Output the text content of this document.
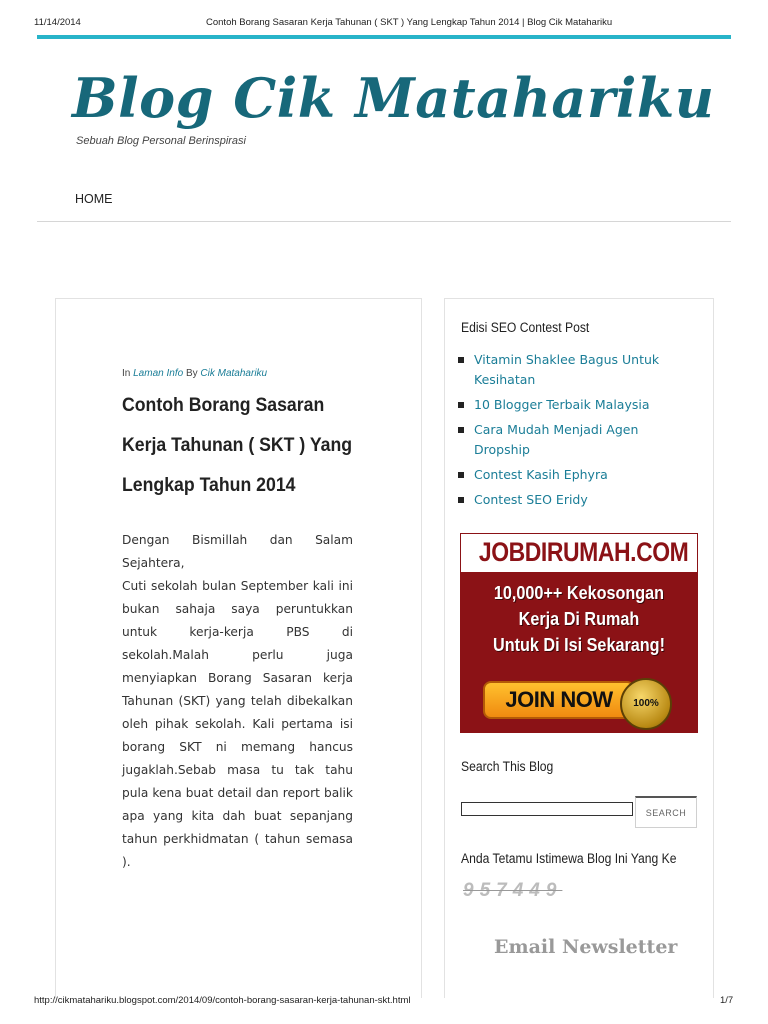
11/14/2014	Contoh Borang Sasaran Kerja Tahunan ( SKT ) Yang Lengkap Tahun 2014 | Blog Cik Matahariku
Blog Cik Matahariku
Sebuah Blog Personal Berinspirasi
HOME
In Laman Info By Cik Matahariku
Contoh Borang Sasaran Kerja Tahunan ( SKT ) Yang Lengkap Tahun 2014

Dengan Bismillah dan Salam Sejahtera,

Cuti sekolah bulan September kali ini bukan sahaja saya peruntukkan untuk kerja-kerja PBS di sekolah.Malah perlu juga menyiapkan Borang Sasaran kerja Tahunan (SKT) yang telah dibekalkan oleh pihak sekolah. Kali pertama isi borang SKT ni memang hancus jugaklah.Sebab masa tu tak tahu pula kena buat detail dan report balik apa yang kita dah buat sepanjang tahun perkhidmatan ( tahun semasa ).

Edisi SEO Contest Post
Vitamin Shaklee Bagus Untuk Kesihatan
10 Blogger Terbaik Malaysia
Cara Mudah Menjadi Agen Dropship
Contest Kasih Ephyra
Contest SEO Eridy
JOBDIRUMAH.COM
10,000++ Kekosongan
Kerja Di Rumah
Untuk Di Isi Sekarang!
JOIN NOW	100%
Search This Blog
SEARCH
Anda Tetamu Istimewa Blog Ini Yang Ke
957449
Email Newsletter
http://cikmatahariku.blogspot.com/2014/09/contoh-borang-sasaran-kerja-tahunan-skt.html	1/7
